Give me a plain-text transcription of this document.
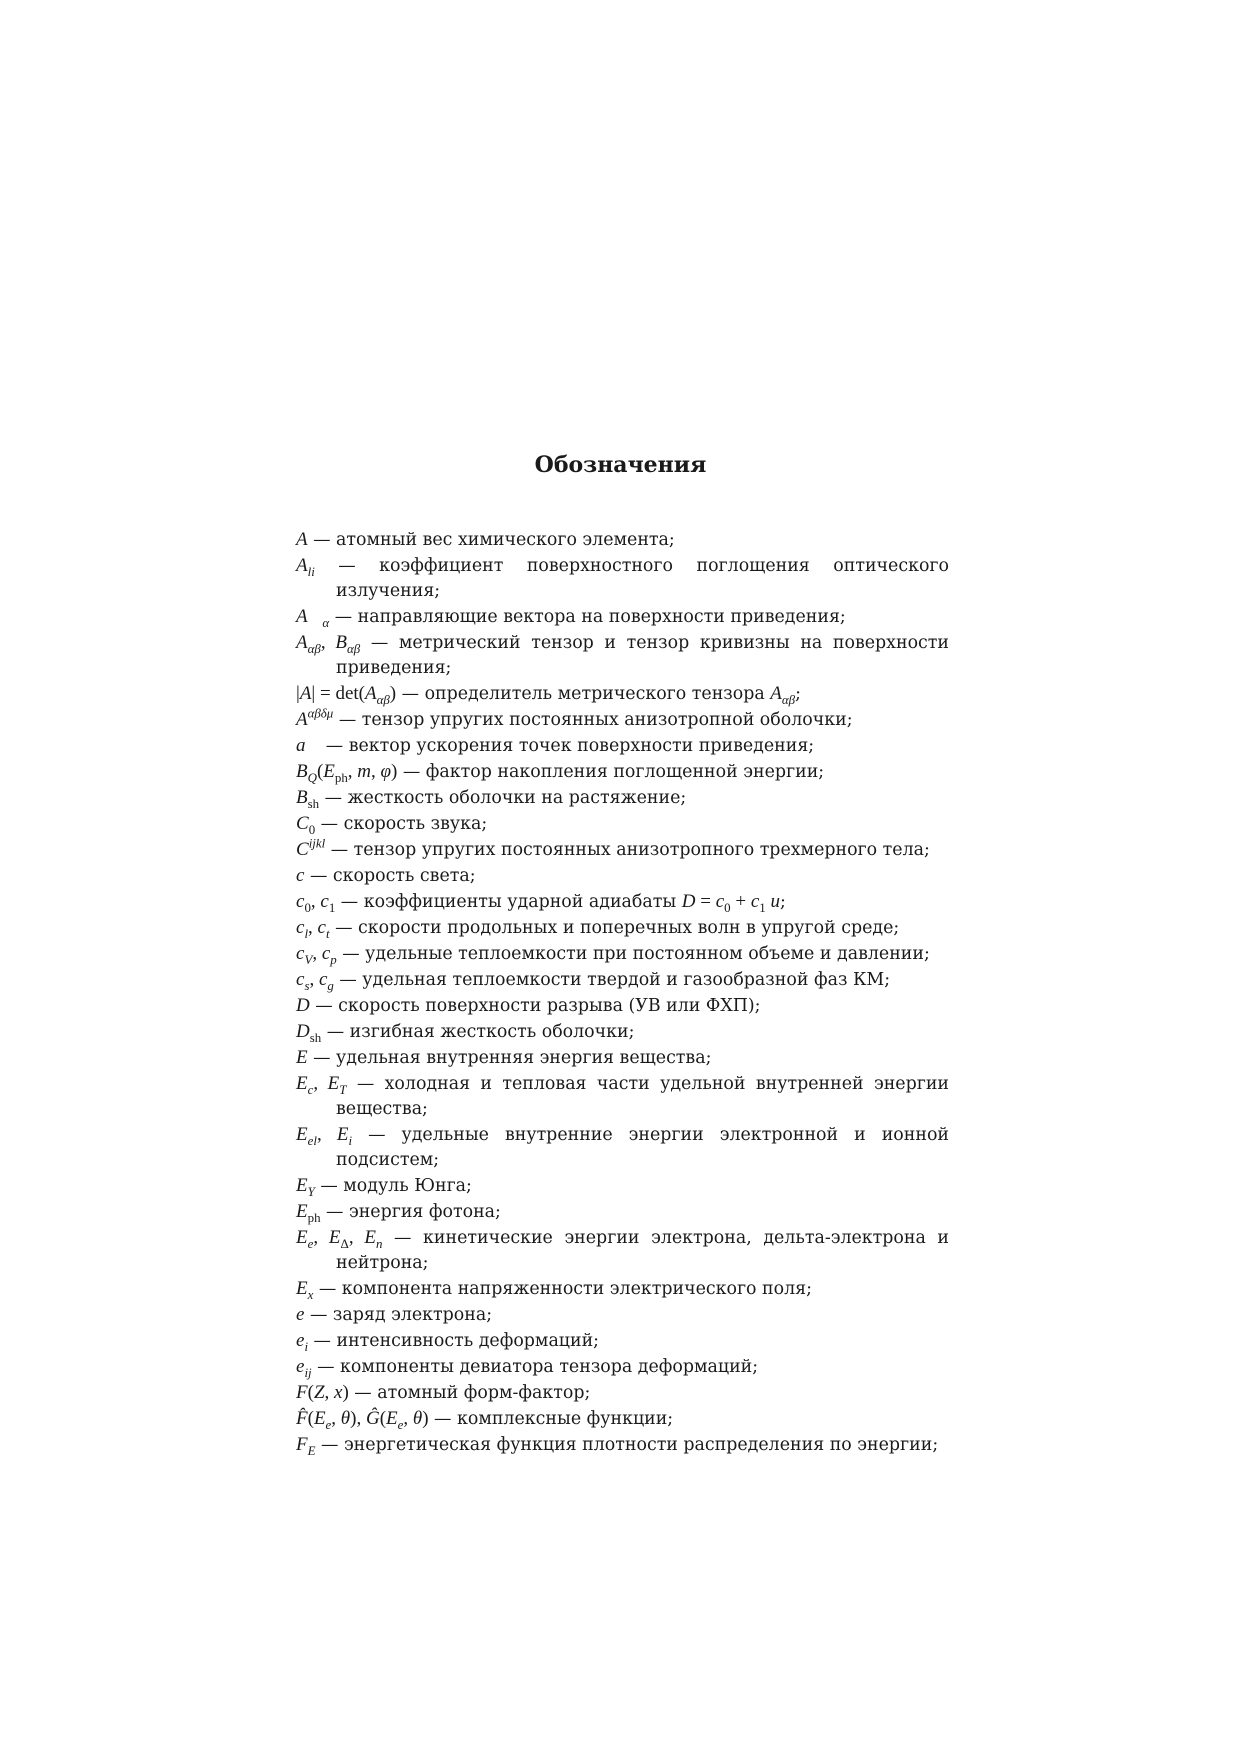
Обозначения
A — атомный вес химического элемента;
$A_{li}$ — коэффициент поверхностного поглощения оптического излучения;
$A⃗_\alpha$ — направляющие вектора на поверхности приведения;
$A_{\alpha\beta}$, $B_{\alpha\beta}$ — метрический тензор и тензор кривизны на поверхности приведения;
$|A| = \det(A_{\alpha\beta})$ — определитель метрического тензора $A_{\alpha\beta}$;
$A^{\alpha\beta\delta\mu}$ — тензор упругих постоянных анизотропной оболочки;
a⃗ — вектор ускорения точек поверхности приведения;
$B_Q(E_{ph}$, m, φ) — фактор накопления поглощенной энергии;
$B_{sh}$ — жесткость оболочки на растяжение;
$C_0$ — скорость звука;
$C^{ijkl}$ — тензор упругих постоянных анизотропного трехмерного тела;
c — скорость света;
$c_0$, $c_1$ — коэффициенты ударной адиабаты $D = c_0 + c_1$ u;
$c_l$, $c_t$ — скорости продольных и поперечных волн в упругой среде;
$c_V$, $c_p$ — удельные теплоемкости при постоянном объеме и давлении;
$c_s$, $c_g$ — удельная теплоемкости твердой и газообразной фаз КМ;
D — скорость поверхности разрыва (УВ или ФХП);
$D_{sh}$ — изгибная жесткость оболочки;
E — удельная внутренняя энергия вещества;
$E_c$, $E_T$ — холодная и тепловая части удельной внутренней энергии вещества;
$E_{el}$, $E_i$ — удельные внутренние энергии электронной и ионной подсистем;
$E_Y$ — модуль Юнга;
$E_{ph}$ — энергия фотона;
$E_e$, $E_\Delta$, $E_n$ — кинетические энергии электрона, дельта-электрона и нейтрона;
$E_x$ — компонента напряженности электрического поля;
e — заряд электрона;
$e_i$ — интенсивность деформаций;
$e_{ij}$ — компоненты девиатора тензора деформаций;
F(Z, x) — атомный форм-фактор;
$F̂(E_e$, θ), $Ĝ(E_e$, θ) — комплексные функции;
$F_E$ — энергетическая функция плотности распределения по энергии;
